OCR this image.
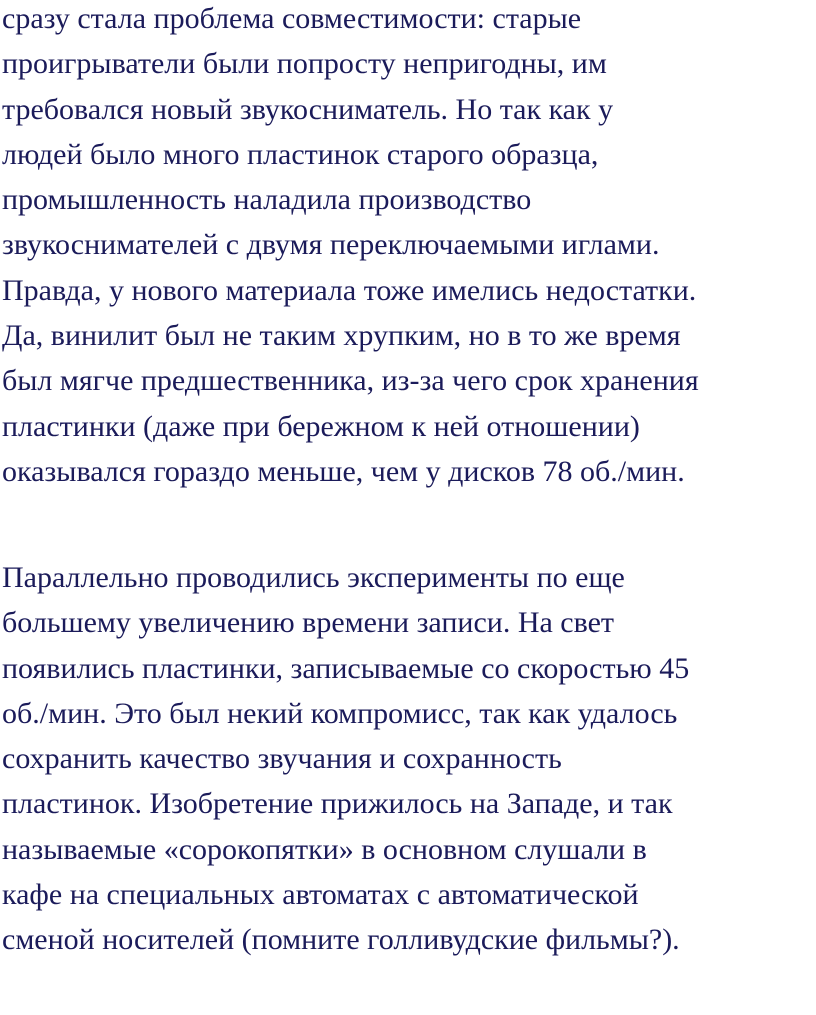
сразу стала проблема совместимости: старые
проигрыватели были попросту непригодны, им
требовался новый звукосниматель. Но так как у
людей было много пластинок старого образца,
промышленность наладила производство
звукоснимателей с двумя переключаемыми иглами.
Правда, у нового материала тоже имелись недостатки.
Да, винилит был не таким хрупким, но в то же время
был мягче предшественника, из-за чего срок хранения
пластинки (даже при бережном к ней отношении)
оказывался гораздо меньше, чем у дисков 78 об./мин.
Параллельно проводились эксперименты по еще
большему увеличению времени записи. На свет
появились пластинки, записываемые со скоростью 45
об./мин. Это был некий компромисс, так как удалось
сохранить качество звучания и сохранность
пластинок. Изобретение прижилось на Западе, и так
называемые «сорокопятки» в основном слушали в
кафе на специальных автоматах с автоматической
сменой носителей (помните голливудские фильмы?).
